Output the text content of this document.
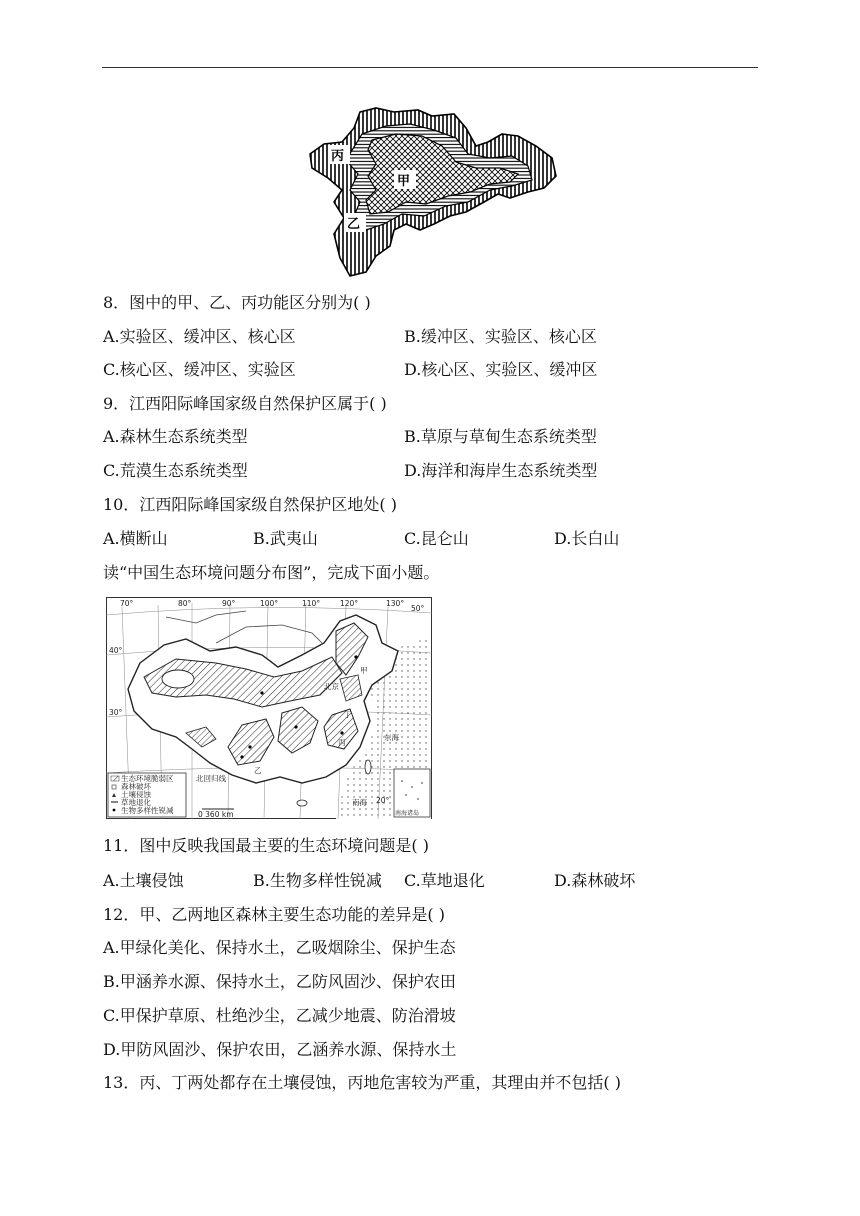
丙
甲
乙
8．图中的甲、乙、丙功能区分别为( )
A.实验区、缓冲区、核心区	B.缓冲区、实验区、核心区
C.核心区、缓冲区、实验区	D.核心区、实验区、缓冲区
9．江西阳际峰国家级自然保护区属于( )
A.森林生态系统类型	B.草原与草甸生态系统类型
C.荒漠生态系统类型	D.海洋和海岸生态系统类型
10．江西阳际峰国家级自然保护区地处( )
A.横断山	B.武夷山	C.昆仑山	D.长白山
读“中国生态环境问题分布图”，完成下面小题。
70°	80°	90°	100°	110°	120°	130°
50°
40°
30°
20°
北京
甲
丁
丙
乙
东海
南海
北回归线
南海诸岛
生态环境脆弱区
森林破坏
土壤侵蚀
草地退化
生物多样性锐减	0 360 km
11．图中反映我国最主要的生态环境问题是( )
A.土壤侵蚀	B.生物多样性锐减 C.草地退化	D.森林破坏
12．甲、乙两地区森林主要生态功能的差异是( )
A.甲绿化美化、保持水土，乙吸烟除尘、保护生态
B.甲涵养水源、保持水土，乙防风固沙、保护农田
C.甲保护草原、杜绝沙尘，乙减少地震、防治滑坡
D.甲防风固沙、保护农田，乙涵养水源、保持水土
13．丙、丁两处都存在土壤侵蚀，丙地危害较为严重，其理由并不包括( )
